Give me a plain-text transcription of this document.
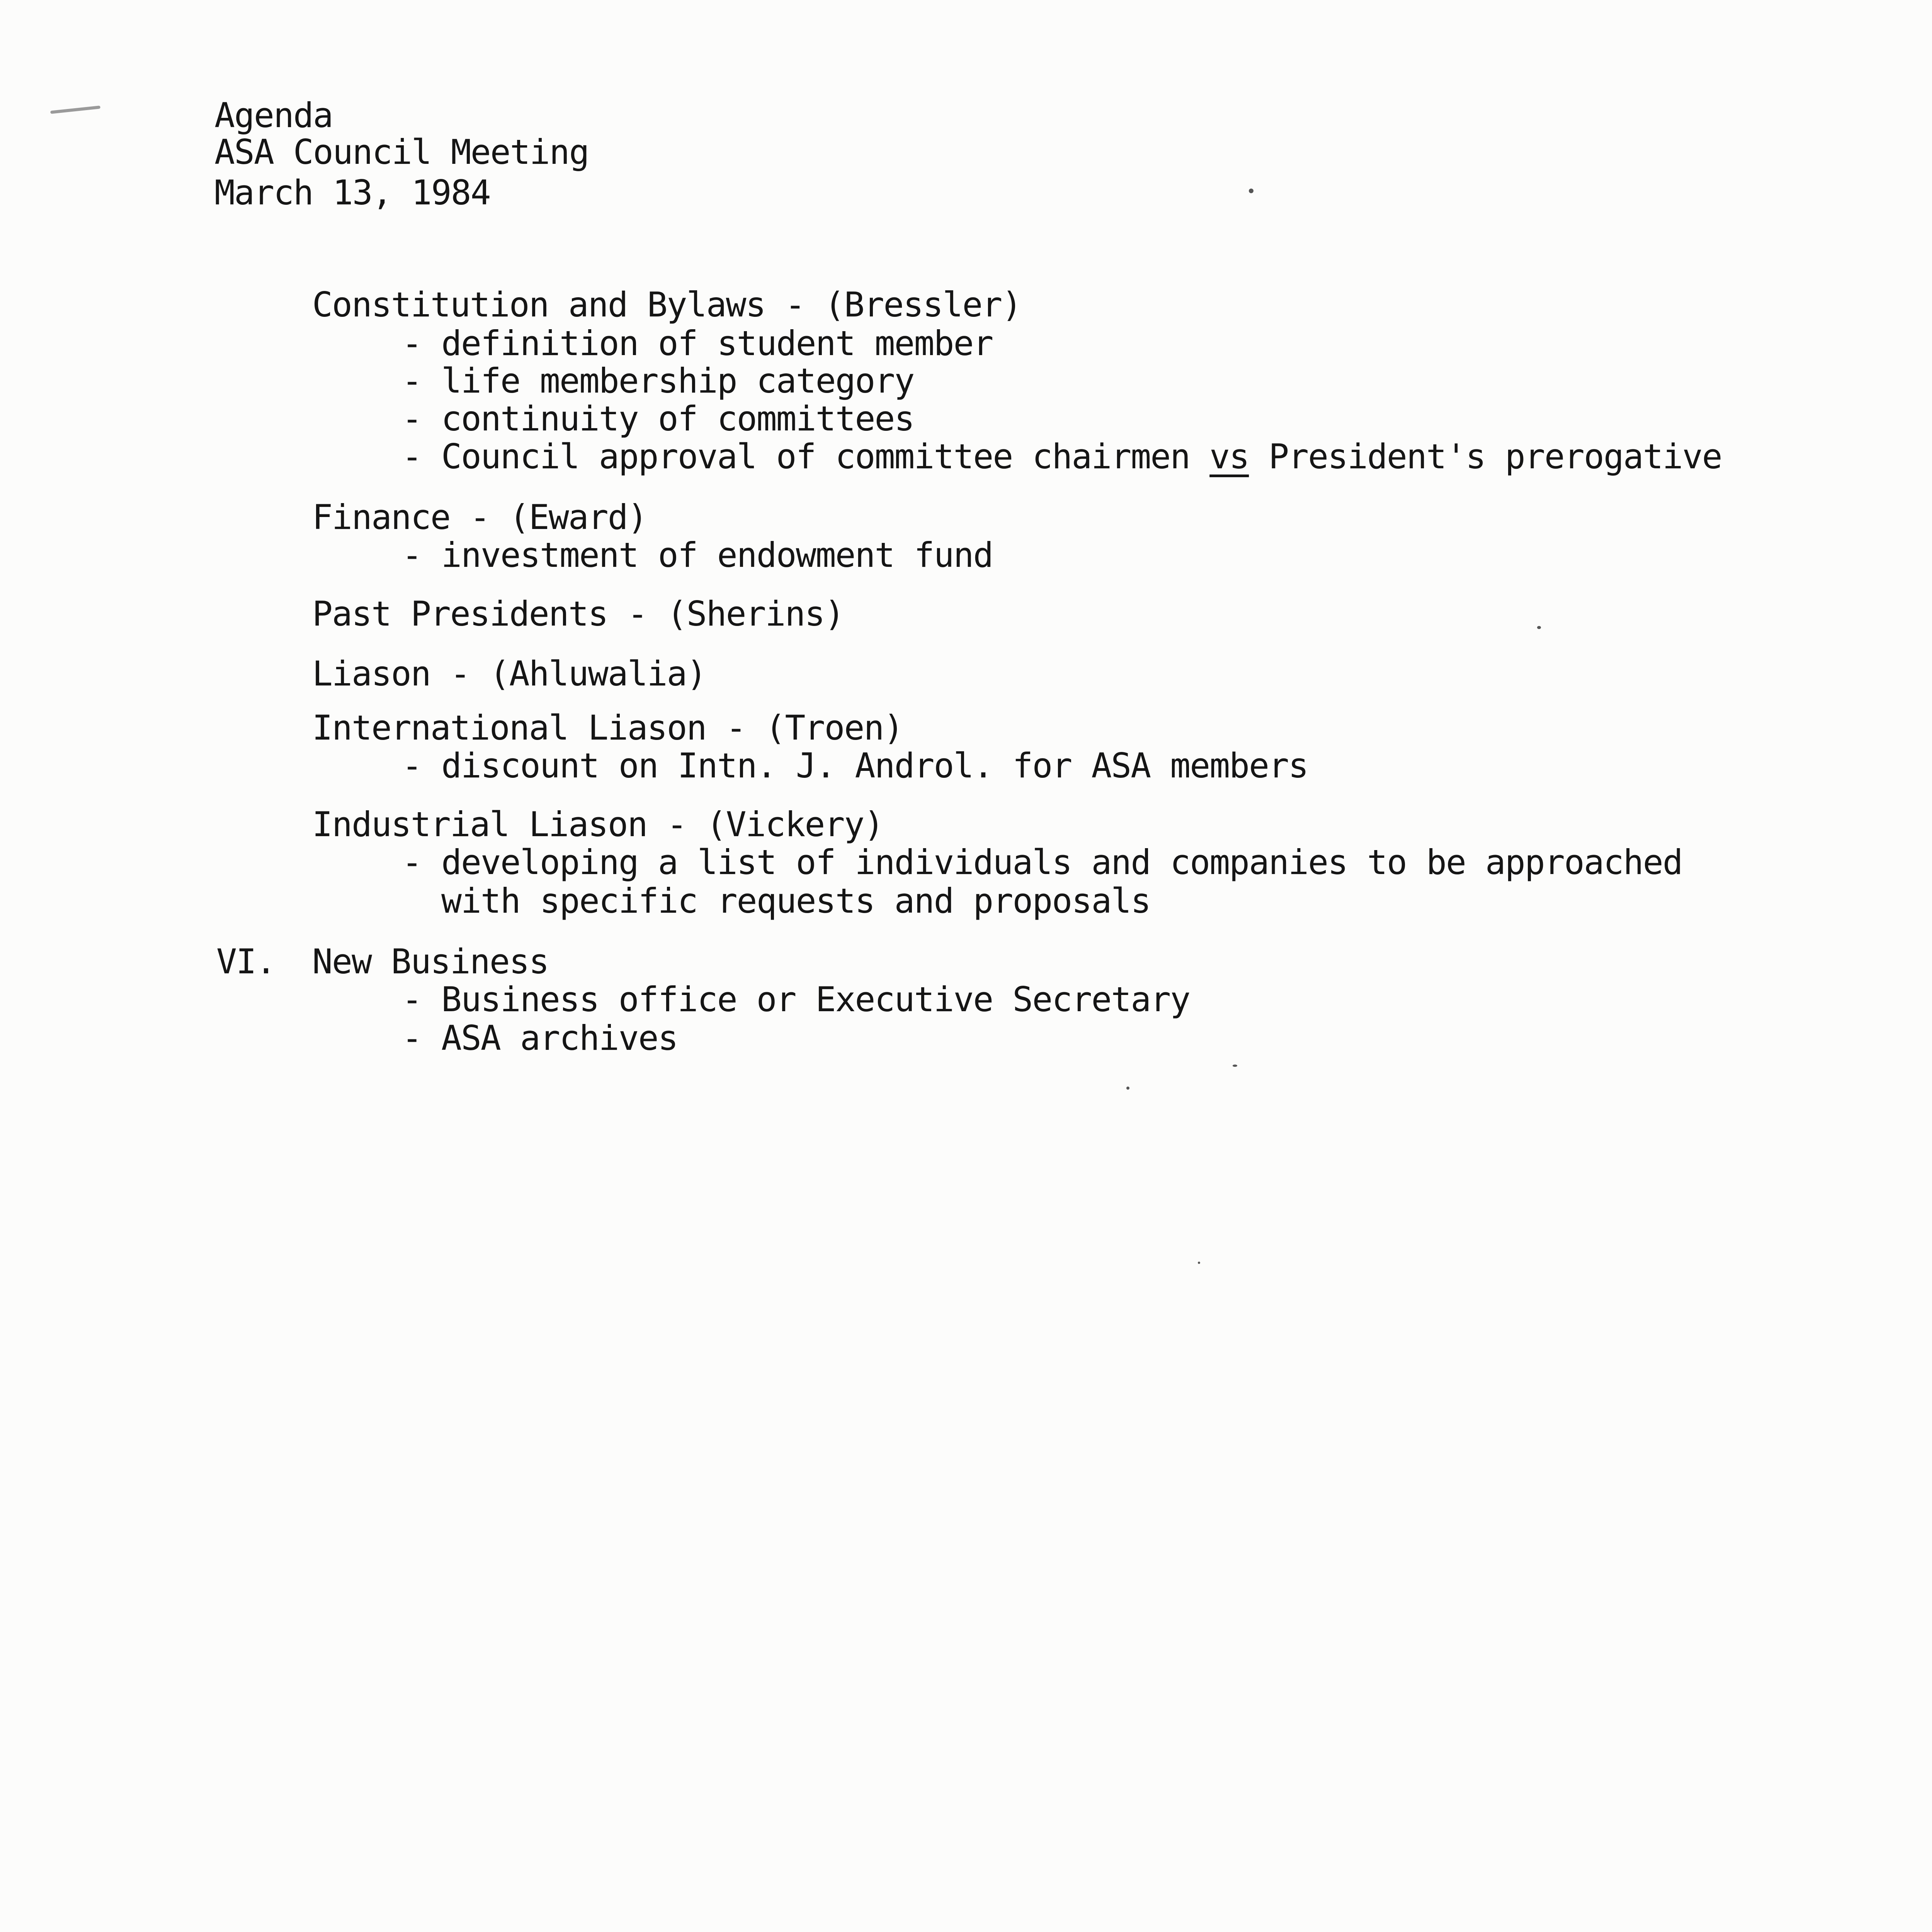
Agenda
ASA Council Meeting
March 13, 1984
Constitution and Bylaws - (Bressler)
- definition of student member
- life membership category
- continuity of committees
- Council approval of committee chairmen vs President's prerogative
Finance - (Eward)
- investment of endowment fund
Past Presidents - (Sherins)
Liason - (Ahluwalia)
International Liason - (Troen)
- discount on Intn. J. Androl. for ASA members
Industrial Liason - (Vickery)
- developing a list of individuals and companies to be approached
with specific requests and proposals
VI. New Business
- Business office or Executive Secretary
- ASA archives
